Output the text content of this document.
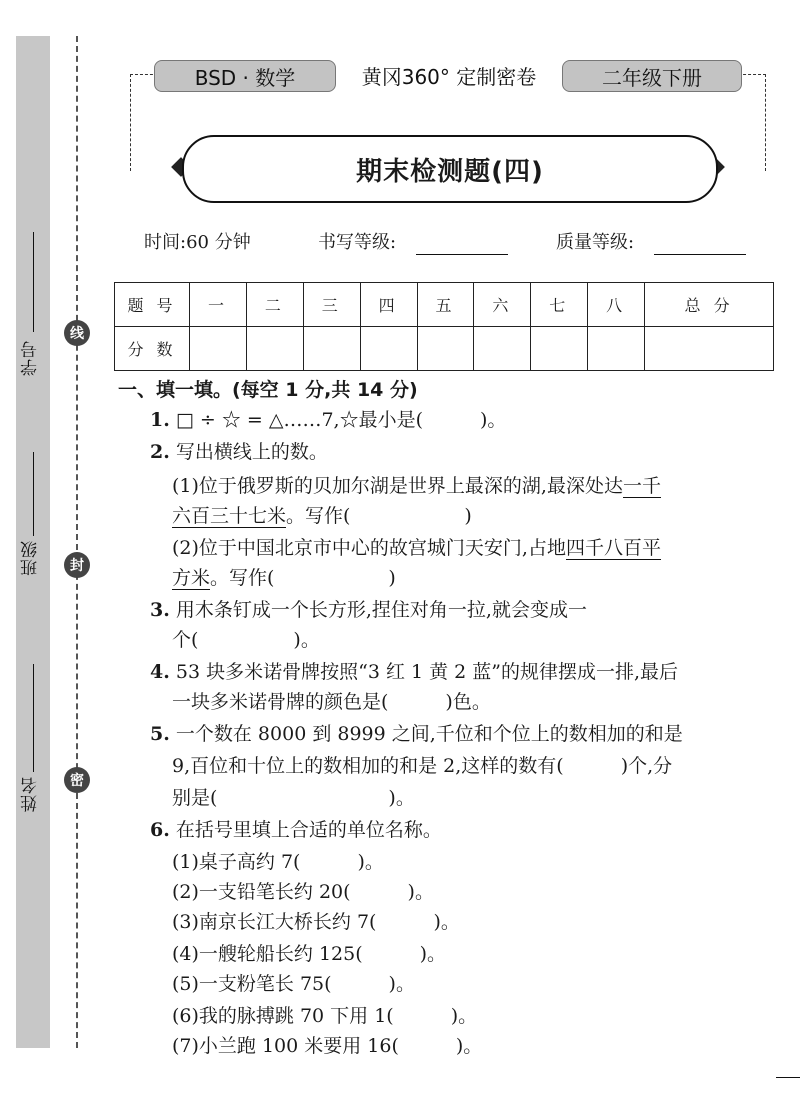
学号
班级
姓名
线
封
密
BSD · 数学	黄冈360° 定制密卷	二年级下册
期末检测题(四)
时间:60 分钟	书写等级:	质量等级:
题 号	一	二	三	四	五	六	七	八	总 分
分 数									
一、填一填。(每空 1 分,共 14 分)
1. □ ÷ ☆ = △……7,☆最小是(　　　)。
2. 写出横线上的数。
(1)位于俄罗斯的贝加尔湖是世界上最深的湖,最深处达一千
六百三十七米。写作(　　　　　　)
(2)位于中国北京市中心的故宫城门天安门,占地四千八百平
方米。写作(　　　　　　)
3. 用木条钉成一个长方形,捏住对角一拉,就会变成一
个(　　　　　)。
4. 53 块多米诺骨牌按照“3 红 1 黄 2 蓝”的规律摆成一排,最后
一块多米诺骨牌的颜色是(　　　)色。
5. 一个数在 8000 到 8999 之间,千位和个位上的数相加的和是
9,百位和十位上的数相加的和是 2,这样的数有(　　　)个,分
别是(　　　　　　　　　)。
6. 在括号里填上合适的单位名称。
(1)桌子高约 7(　　　)。
(2)一支铅笔长约 20(　　　)。
(3)南京长江大桥长约 7(　　　)。
(4)一艘轮船长约 125(　　　)。
(5)一支粉笔长 75(　　　)。
(6)我的脉搏跳 70 下用 1(　　　)。
(7)小兰跑 100 米要用 16(　　　)。
